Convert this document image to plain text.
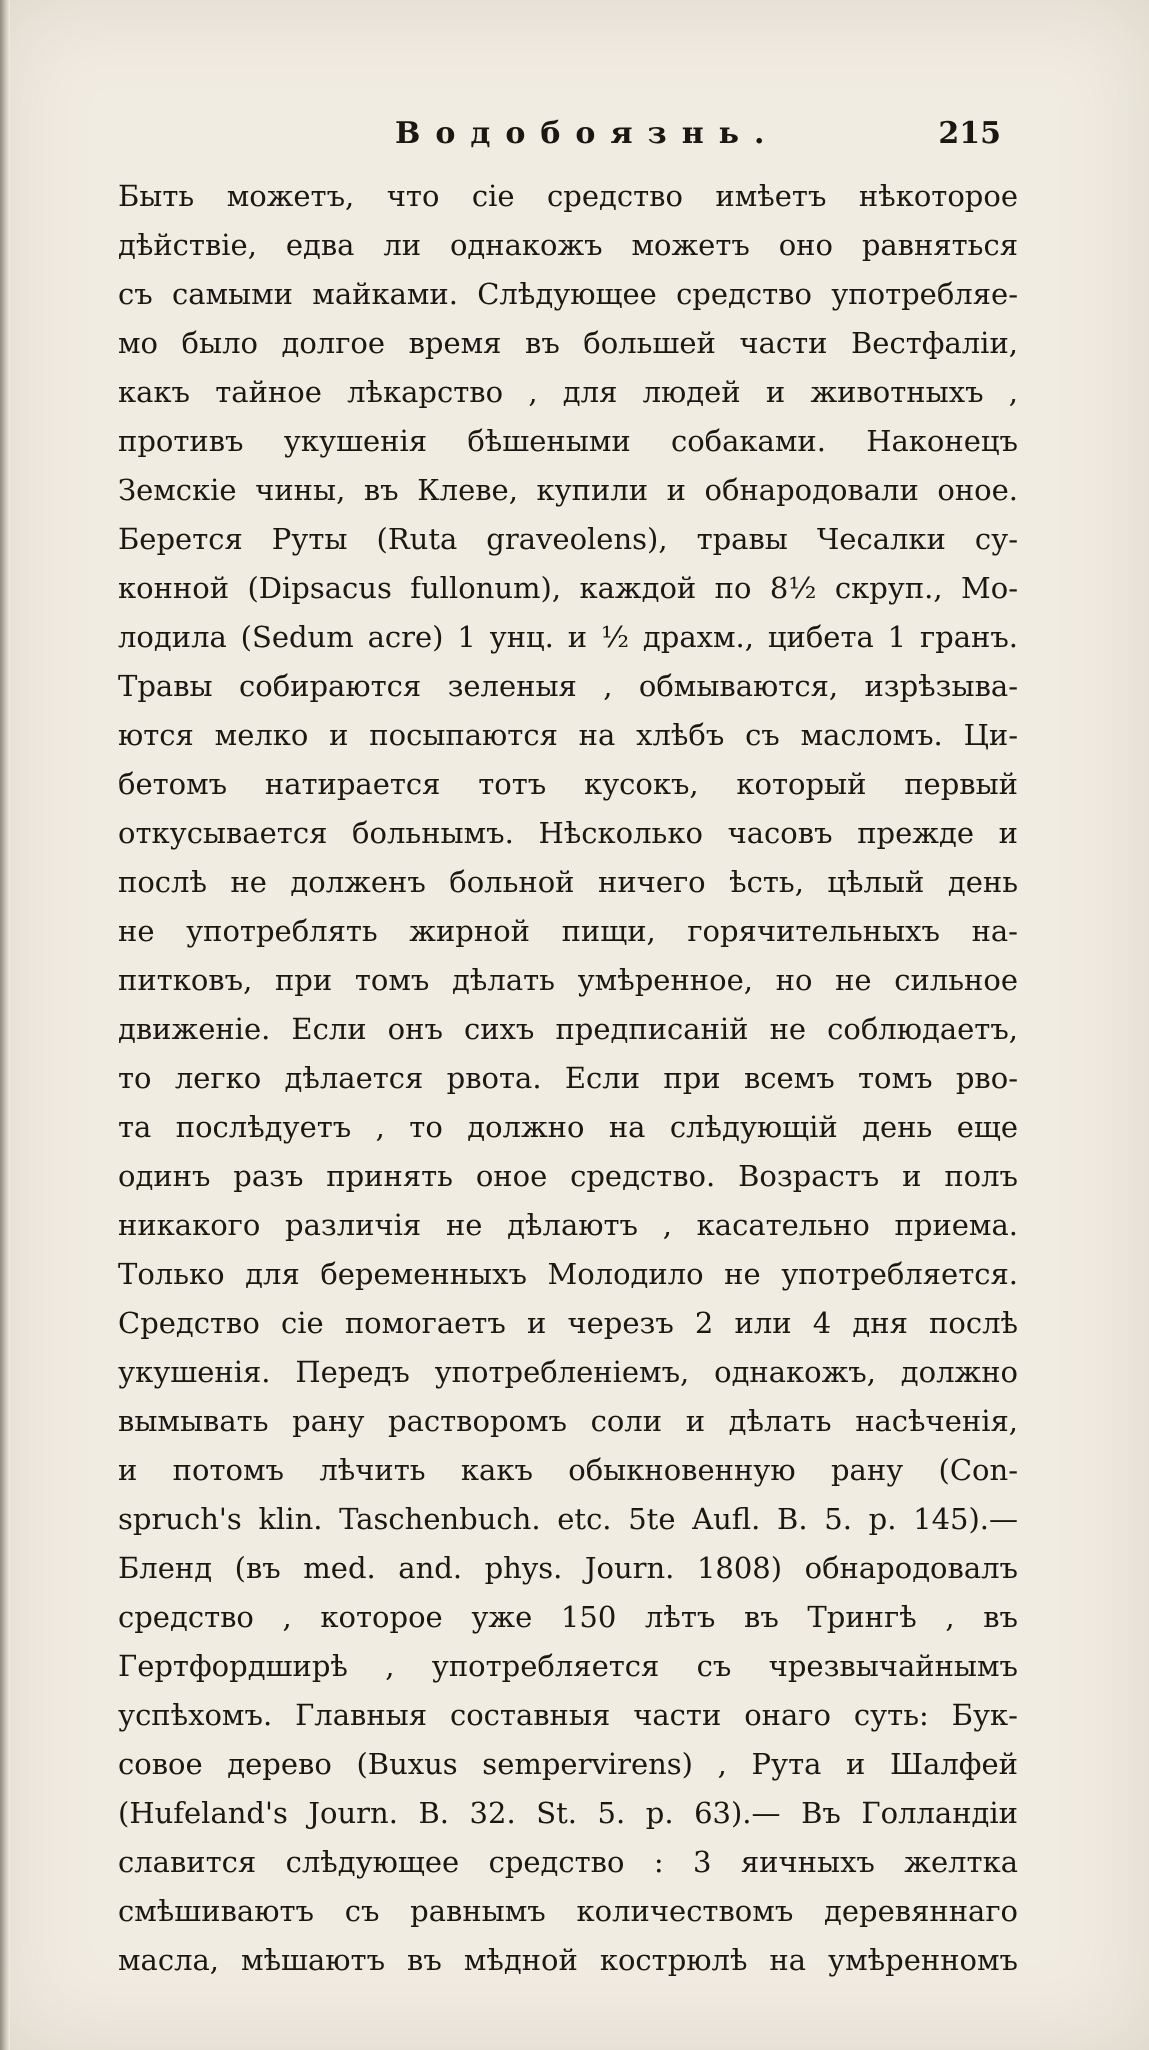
Водобоязнь.	215
Быть можетъ, что сіе средство имѣетъ нѣкоторое
дѣйствіе, едва ли однакожъ можетъ оно равняться
съ самыми майками. Слѣдующее средство употребляе-
мо было долгое время въ большей части Вестфаліи,
какъ тайное лѣкарство , для людей и животныхъ ,
противъ укушенія бѣшеными собаками. Наконецъ
Земскіе чины, въ Клеве, купили и обнародовали оное.
Берется Руты (Ruta graveolens), травы Чесалки су-
конной (Dipsacus fullonum), каждой по 8½ скруп., Мо-
лодила (Sedum acre) 1 унц. и ½ драхм., цибета 1 гранъ.
Травы собираются зеленыя , обмываются, изрѣзыва-
ются мелко и посыпаются на хлѣбъ съ масломъ. Ци-
бетомъ натирается тотъ кусокъ, который первый
откусывается больнымъ. Нѣсколько часовъ прежде и
послѣ не долженъ больной ничего ѣсть, цѣлый день
не употреблять жирной пищи, горячительныхъ на-
питковъ, при томъ дѣлать умѣренное, но не сильное
движеніе. Если онъ сихъ предписаній не соблюдаетъ,
то легко дѣлается рвота. Если при всемъ томъ рво-
та послѣдуетъ , то должно на слѣдующій день еще
одинъ разъ принять оное средство. Возрастъ и полъ
никакого различія не дѣлаютъ , касательно приема.
Только для беременныхъ Молодило не употребляется.
Средство сіе помогаетъ и черезъ 2 или 4 дня послѣ
укушенія. Передъ употребленіемъ, однакожъ, должно
вымывать рану растворомъ соли и дѣлать насѣченія,
и потомъ лѣчить какъ обыкновенную рану (Con-
spruch's klin. Taschenbuch. etc. 5te Aufl. B. 5. p. 145).—
Бленд (въ med. and. phys. Journ. 1808) обнародовалъ
средство , которое уже 150 лѣтъ въ Трингѣ , въ
Гертфордширѣ , употребляется съ чрезвычайнымъ
успѣхомъ. Главныя составныя части онаго суть: Бук-
совое дерево (Buxus sempervirens) , Рута и Шалфей
(Hufeland's Journ. B. 32. St. 5. p. 63).— Въ Голландіи
славится слѣдующее средство : 3 яичныхъ желтка
смѣшиваютъ съ равнымъ количествомъ деревяннаго
масла, мѣшаютъ въ мѣдной кострюлѣ на умѣренномъ
